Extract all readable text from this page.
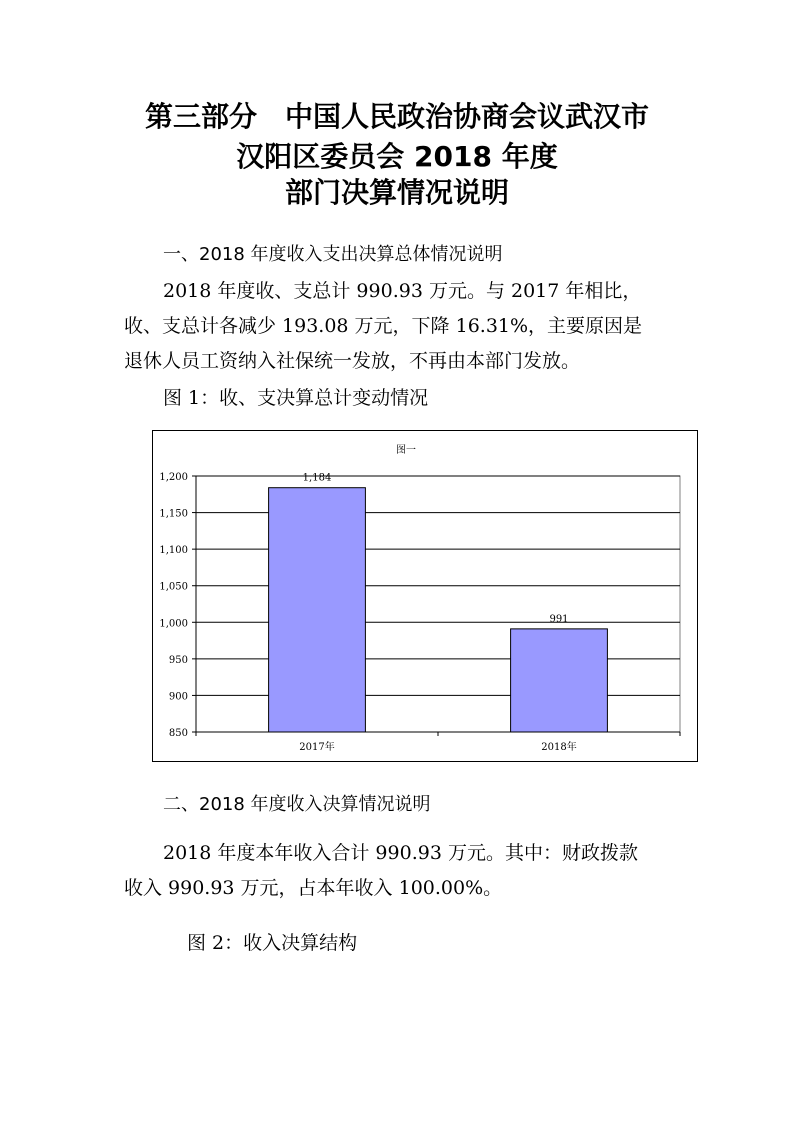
第三部分　中国人民政治协商会议武汉市
汉阳区委员会 2018 年度
部门决算情况说明
一、2018 年度收入支出决算总体情况说明
2018 年度收、支总计 990.93 万元。与 2017 年相比，
收、支总计各减少 193.08 万元，下降 16.31%，主要原因是
退休人员工资纳入社保统一发放，不再由本部门发放。
图 1：收、支决算总计变动情况
图一
850
900
950
1,000
1,050
1,100
1,150
1,200	1,184
2017年
991
2018年
二、2018 年度收入决算情况说明
2018 年度本年收入合计 990.93 万元。其中：财政拨款
收入 990.93 万元，占本年收入 100.00%。
图 2：收入决算结构
